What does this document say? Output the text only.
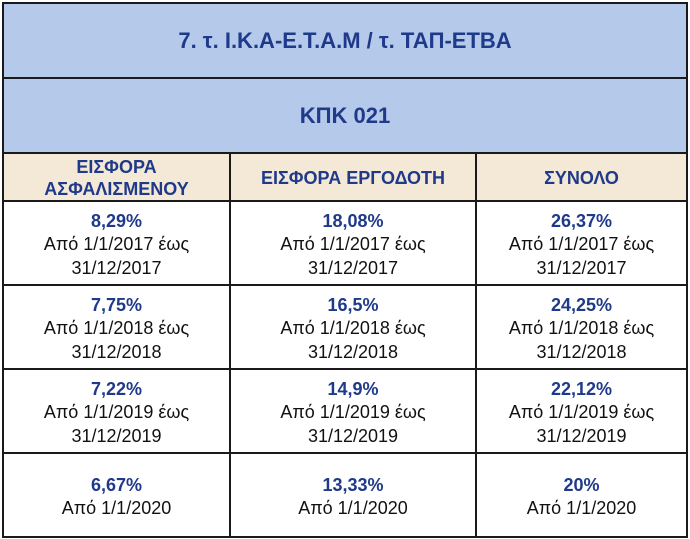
7. τ. Ι.Κ.Α-Ε.Τ.Α.Μ / τ. ΤΑΠ-ΕΤΒΑ		
ΚΠΚ 021		

ΕΙΣΦΟΡΑ ΑΣΦΑΛΙΣΜΕΝΟΥ	ΕΙΣΦΟΡΑ ΕΡΓΟΔΟΤΗ	ΣΥΝΟΛΟ

8,29%
Από 1/1/2017 έως
31/12/2017	18,08%
Από 1/1/2017 έως
31/12/2017	26,37%
Από 1/1/2017 έως
31/12/2017

7,75%
Από 1/1/2018 έως
31/12/2018	16,5%
Από 1/1/2018 έως
31/12/2018	24,25%
Από 1/1/2018 έως
31/12/2018

7,22%
Από 1/1/2019 έως
31/12/2019	14,9%
Από 1/1/2019 έως
31/12/2019	22,12%
Από 1/1/2019 έως
31/12/2019

6,67%
Από 1/1/2020	13,33%
Από 1/1/2020	20%
Από 1/1/2020
